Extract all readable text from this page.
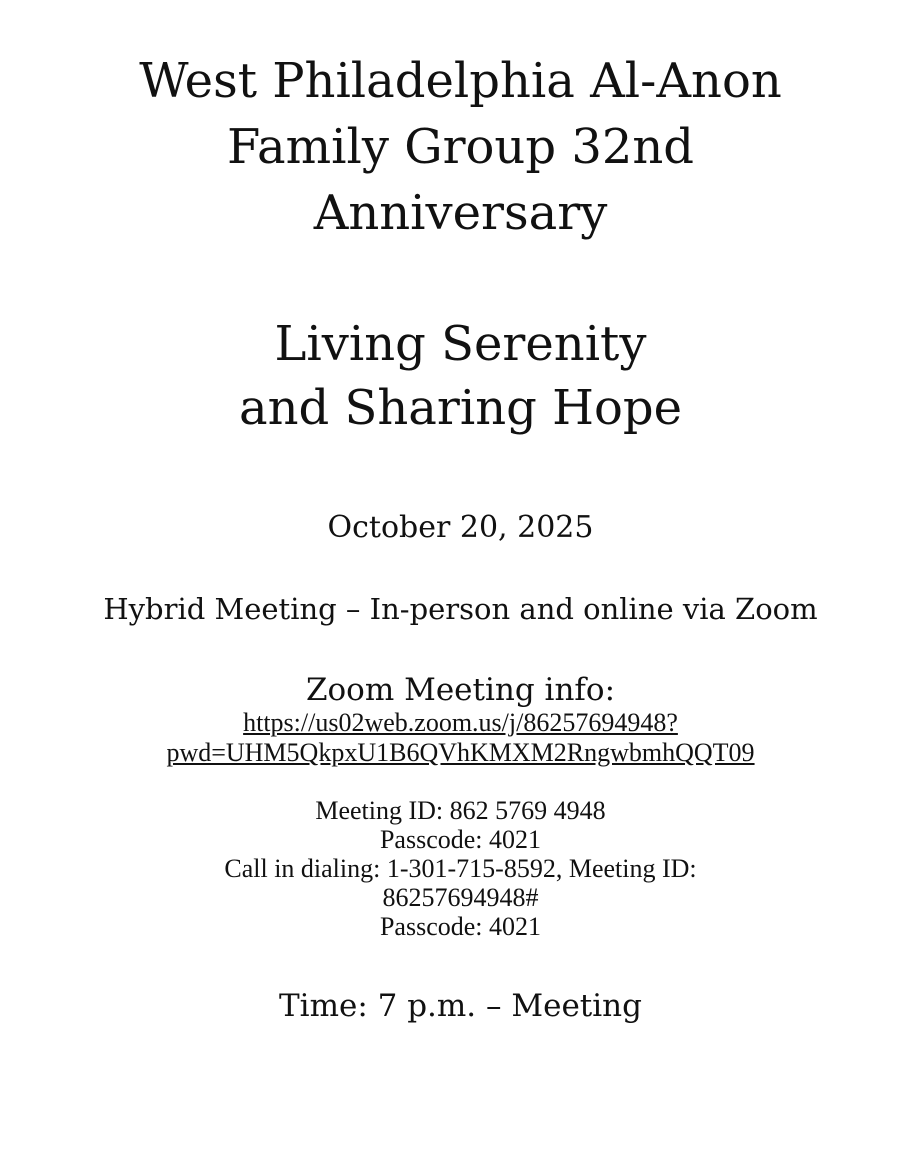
West Philadelphia Al-Anon
Family Group 32nd
Anniversary
Living Serenity
and Sharing Hope
October 20, 2025
Hybrid Meeting – In-person and online via Zoom
Zoom Meeting info:
https://us02web.zoom.us/j/86257694948?
pwd=UHM5QkpxU1B6QVhKMXM2RngwbmhQQT09
Meeting ID: 862 5769 4948
Passcode: 4021
Call in dialing: 1-301-715-8592, Meeting ID:
86257694948#
Passcode: 4021
Time: 7 p.m. – Meeting
